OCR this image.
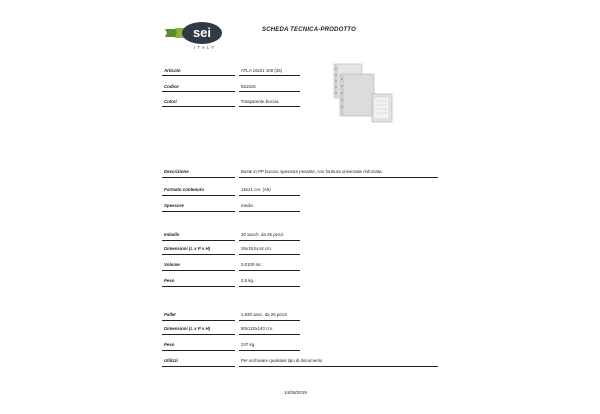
sei
ITALY
SCHEDA TECNICA-PRODOTTO
Articolo	ATLA 15x21 100 (25)
Codice	661515
Colori	Trasparente buccia
Descrizione	Buste in PP buccia, spessore pesante, con foratura universale rinforzata.
Formato contenuto	15x21 cm. (A5)
Spessore	medio
Imballo	20 sacch. da 25 pezzi
Dimensioni (L x P x H)	26x19,5x14 cm.
Volume	0,0100 mc.
Peso	2,5 kg.
Pallet	1.820 sacc. da 25 pezzi
Dimensioni (L x P x H)	80x120x140 cm.
Peso	247 kg.
Utilizzi	Per archiviare qualsiasi tipo di documento
14/06/2019
